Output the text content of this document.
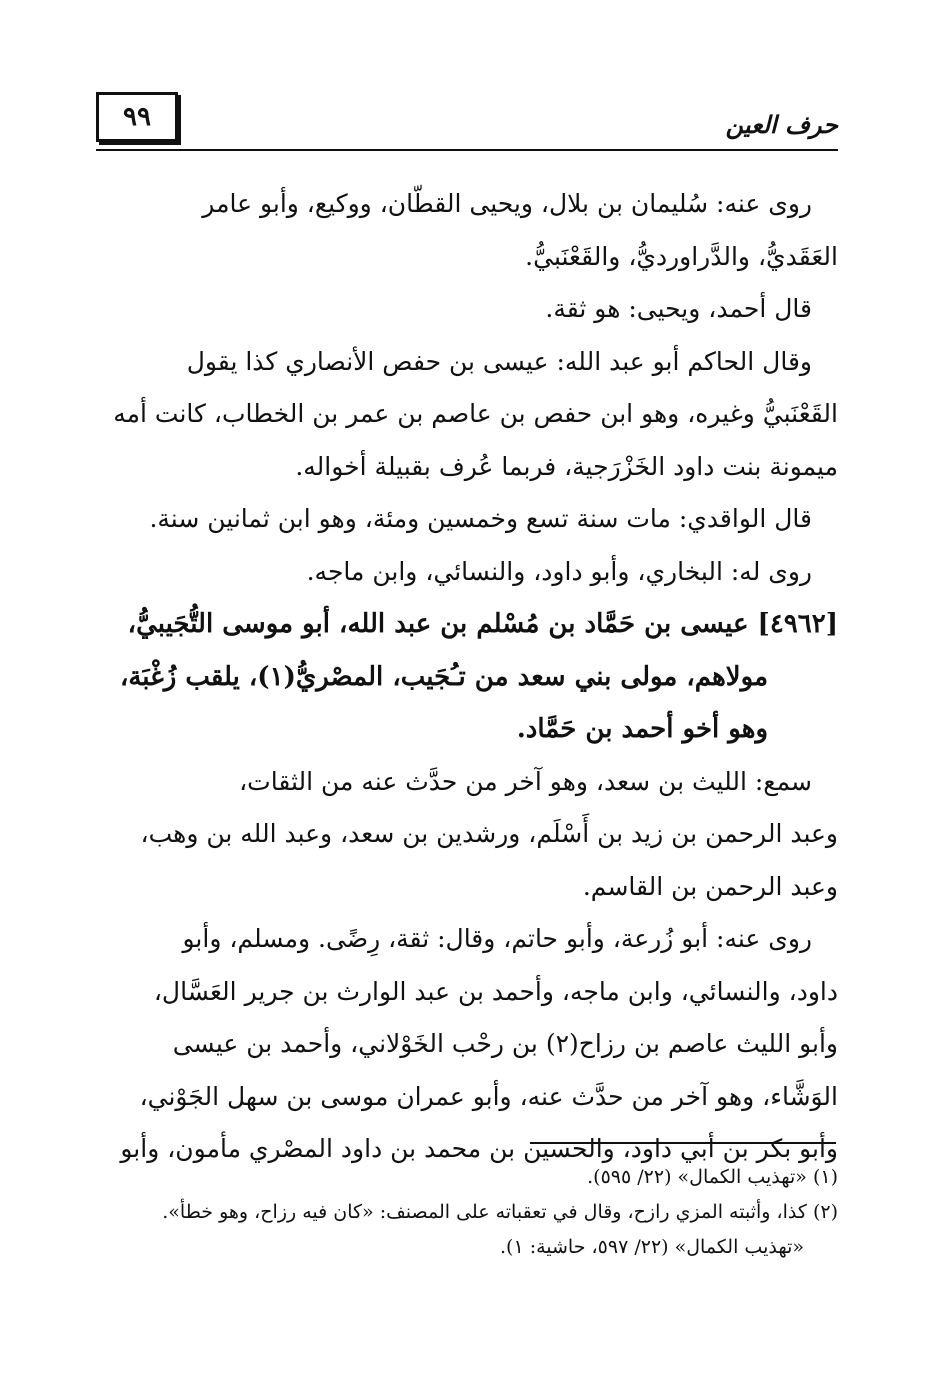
٩٩	حرف العين

روى عنه: سُليمان بن بلال، ويحيى القطّان، ووكيع، وأبو عامر

العَقَديُّ، والدَّراورديُّ، والقَعْنَبيُّ.

قال أحمد، ويحيى: هو ثقة.

وقال الحاكم أبو عبد الله: عيسى بن حفص الأنصاري كذا يقول

القَعْنَبيُّ وغيره، وهو ابن حفص بن عاصم بن عمر بن الخطاب، كانت أمه

ميمونة بنت داود الخَزْرَجية، فربما عُرف بقبيلة أخواله.

قال الواقدي: مات سنة تسع وخمسين ومئة، وهو ابن ثمانين سنة.

روى له: البخاري، وأبو داود، والنسائي، وابن ماجه.

[٤٩٦٢] عيسى بن حَمَّاد بن مُسْلم بن عبد الله، أبو موسى التُّجَيبيُّ،

مولاهم، مولى بني سعد من تـُجَيب، المصْريُّ(١)، يلقب زُغْبَة،

وهو أخو أحمد بن حَمَّاد.

سمع: الليث بن سعد، وهو آخر من حدَّث عنه من الثقات،

وعبد الرحمن بن زيد بن أَسْلَم، ورشدين بن سعد، وعبد الله بن وهب،

وعبد الرحمن بن القاسم.

روى عنه: أبو زُرعة، وأبو حاتم، وقال: ثقة، رِضًى. ومسلم، وأبو

داود، والنسائي، وابن ماجه، وأحمد بن عبد الوارث بن جرير العَسَّال،

وأبو الليث عاصم بن رزاح(٢) بن رحْب الخَوْلاني، وأحمد بن عيسى

الوَشَّاء، وهو آخر من حدَّث عنه، وأبو عمران موسى بن سهل الجَوْني،

وأبو بكر بن أبي داود، والحسين بن محمد بن داود المصْري مأمون، وأبو

(١) «تهذيب الكمال» (٢٢/ ٥٩٥).

(٢) كذا، وأثبته المزي رازح، وقال في تعقباته على المصنف: «كان فيه رزاح، وهو خطأ».

«تهذيب الكمال» (٢٢/ ٥٩٧، حاشية: ١).
